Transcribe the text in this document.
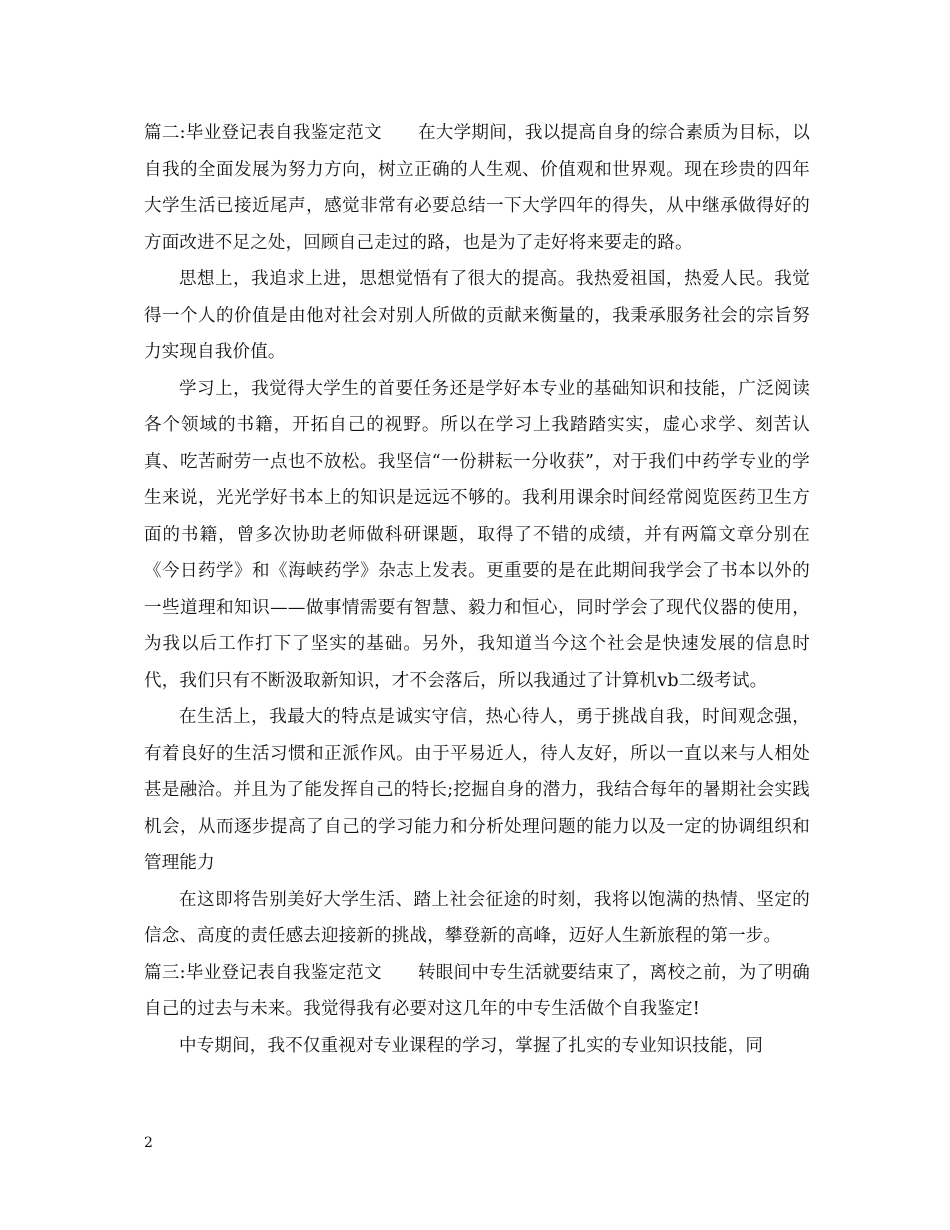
篇二:毕业登记表自我鉴定范文 在大学期间，我以提高自身的综合素质为目标，以自我的全面发展为努力方向，树立正确的人生观、价值观和世界观。现在珍贵的四年大学生活已接近尾声，感觉非常有必要总结一下大学四年的得失，从中继承做得好的方面改进不足之处，回顾自己走过的路，也是为了走好将来要走的路。

思想上，我追求上进，思想觉悟有了很大的提高。我热爱祖国，热爱人民。我觉得一个人的价值是由他对社会对别人所做的贡献来衡量的，我秉承服务社会的宗旨努力实现自我价值。

学习上，我觉得大学生的首要任务还是学好本专业的基础知识和技能，广泛阅读各个领域的书籍，开拓自己的视野。所以在学习上我踏踏实实，虚心求学、刻苦认真、吃苦耐劳一点也不放松。我坚信“一份耕耘一分收获”，对于我们中药学专业的学生来说，光光学好书本上的知识是远远不够的。我利用课余时间经常阅览医药卫生方面的书籍，曾多次协助老师做科研课题，取得了不错的成绩，并有两篇文章分别在《今日药学》和《海峡药学》杂志上发表。更重要的是在此期间我学会了书本以外的一些道理和知识——做事情需要有智慧、毅力和恒心，同时学会了现代仪器的使用，为我以后工作打下了坚实的基础。另外，我知道当今这个社会是快速发展的信息时代，我们只有不断汲取新知识，才不会落后，所以我通过了计算机vb二级考试。

在生活上，我最大的特点是诚实守信，热心待人，勇于挑战自我，时间观念强，有着良好的生活习惯和正派作风。由于平易近人，待人友好，所以一直以来与人相处甚是融洽。并且为了能发挥自己的特长;挖掘自身的潜力，我结合每年的暑期社会实践机会，从而逐步提高了自己的学习能力和分析处理问题的能力以及一定的协调组织和管理能力

在这即将告别美好大学生活、踏上社会征途的时刻，我将以饱满的热情、坚定的信念、高度的责任感去迎接新的挑战，攀登新的高峰，迈好人生新旅程的第一步。

篇三:毕业登记表自我鉴定范文 转眼间中专生活就要结束了，离校之前，为了明确自己的过去与未来。我觉得我有必要对这几年的中专生活做个自我鉴定!

中专期间，我不仅重视对专业课程的学习，掌握了扎实的专业知识技能，同

2
